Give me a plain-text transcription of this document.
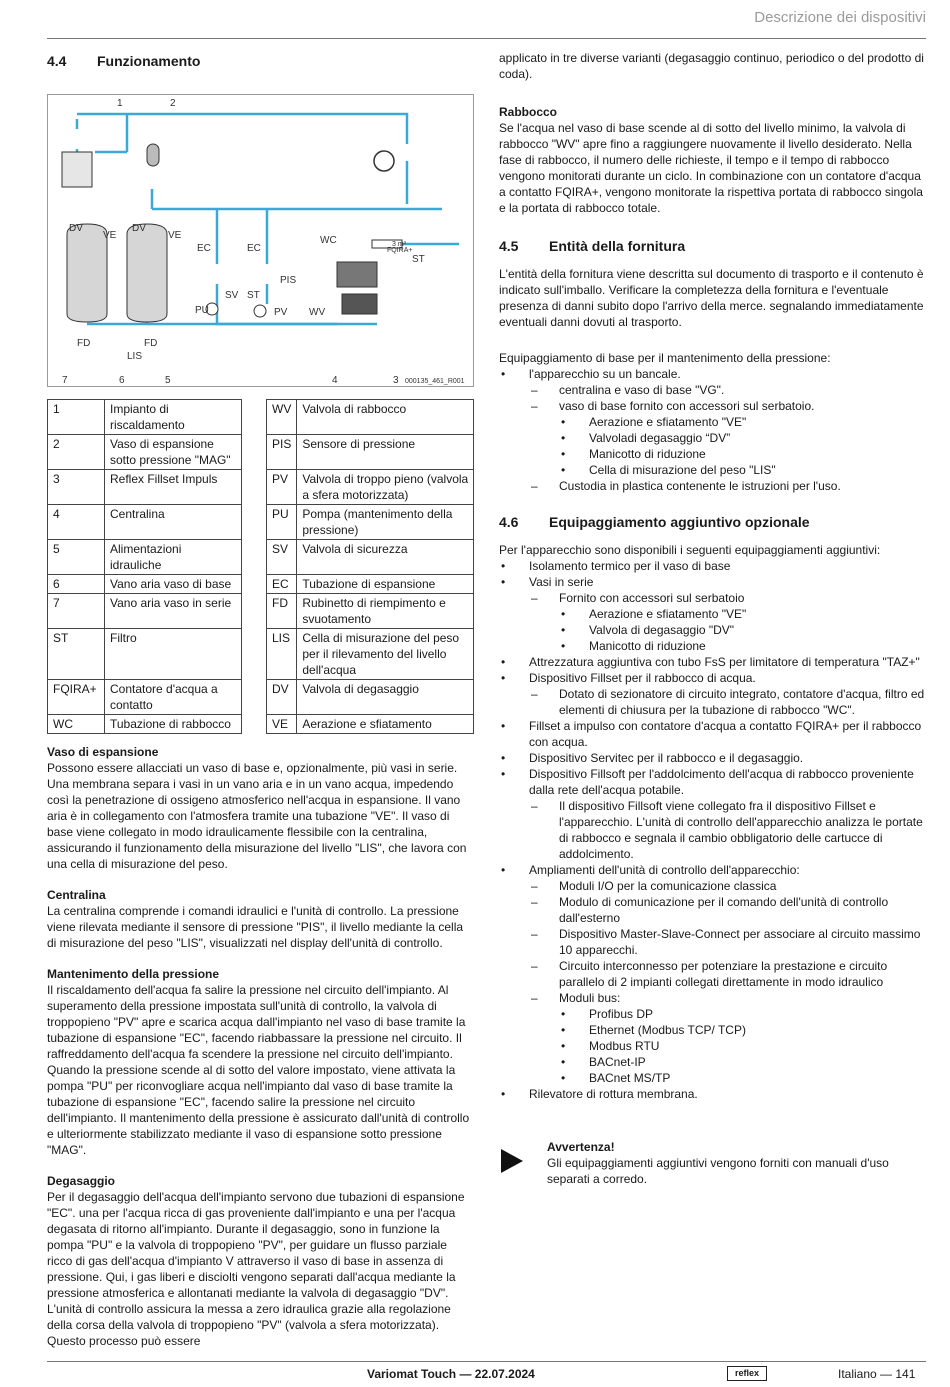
Descrizione dei dispositivi
4.4	Funzionamento
1	2
3
4
5
6
7
DV
VE
DV
VE
EC	EC
WC
PIS
PU
SV ST
PV WV
FD	FD
LIS
FQIRA+
ST
3 m³
000135_461_R001
1	Impianto di riscaldamento		WV	Valvola di rabbocco
2	Vaso di espansione sotto pressione "MAG"		PIS	Sensore di pressione
3	Reflex Fillset Impuls		PV	Valvola di troppo pieno (valvola a sfera motorizzata)
4	Centralina		PU	Pompa (mantenimento della pressione)
5	Alimentazioni idrauliche		SV	Valvola di sicurezza
6	Vano aria vaso di base		EC	Tubazione di espansione
7	Vano aria vaso in serie		FD	Rubinetto di riempimento e svuotamento
ST	Filtro		LIS	Cella di misurazione del peso per il rilevamento del livello dell'acqua
FQIRA+	Contatore d'acqua a contatto		DV	Valvola di degasaggio
WC	Tubazione di rabbocco		VE	Aerazione e sfiatamento

Vaso di espansione

Possono essere allacciati un vaso di base e, opzionalmente, più vasi in serie. Una membrana separa i vasi in un vano aria e in un vano acqua, impedendo così la penetrazione di ossigeno atmosferico nell'acqua in espansione. Il vano aria è in collegamento con l'atmosfera tramite una tubazione "VE". Il vaso di base viene collegato in modo idraulicamente flessibile con la centralina, assicurando il funzionamento della misurazione del livello "LIS", che lavora con una cella di misurazione del peso.

Centralina

La centralina comprende i comandi idraulici e l'unità di controllo. La pressione viene rilevata mediante il sensore di pressione "PIS", il livello mediante la cella di misurazione del peso "LIS", visualizzati nel display dell'unità di controllo.

Mantenimento della pressione

Il riscaldamento dell'acqua fa salire la pressione nel circuito dell'impianto. Al superamento della pressione impostata sull'unità di controllo, la valvola di troppopieno "PV" apre e scarica acqua dall'impianto nel vaso di base tramite la tubazione di espansione "EC", facendo riabbassare la pressione nel circuito. Il raffreddamento dell'acqua fa scendere la pressione nel circuito dell'impianto. Quando la pressione scende al di sotto del valore impostato, viene attivata la pompa "PU" per riconvogliare acqua nell'impianto dal vaso di base tramite la tubazione di espansione "EC", facendo salire la pressione nel circuito dell'impianto. Il mantenimento della pressione è assicurato dall'unità di controllo e ulteriormente stabilizzato mediante il vaso di espansione sotto pressione "MAG".

Degasaggio

Per il degasaggio dell'acqua dell'impianto servono due tubazioni di espansione "EC". una per l'acqua ricca di gas proveniente dall'impianto e una per l'acqua degasata di ritorno all'impianto. Durante il degasaggio, sono in funzione la pompa "PU" e la valvola di troppopieno "PV", per guidare un flusso parziale ricco di gas dell'acqua d'impianto V attraverso il vaso di base in assenza di pressione. Qui, i gas liberi e disciolti vengono separati dall'acqua mediante la pressione atmosferica e allontanati mediante la valvola di degasaggio "DV". L'unità di controllo assicura la messa a zero idraulica grazie alla regolazione della corsa della valvola di troppopieno "PV" (valvola a sfera motorizzata). Questo processo può essere

applicato in tre diverse varianti (degasaggio continuo, periodico o del prodotto di coda).

Rabbocco

Se l'acqua nel vaso di base scende al di sotto del livello minimo, la valvola di rabbocco "WV" apre fino a raggiungere nuovamente il livello desiderato. Nella fase di rabbocco, il numero delle richieste, il tempo e il tempo di rabbocco vengono monitorati durante un ciclo. In combinazione con un contatore d'acqua a contatto FQIRA+, vengono monitorate la rispettiva portata di rabbocco singola e la portata di rabbocco totale.

4.5	Entità della fornitura

L'entità della fornitura viene descritta sul documento di trasporto e il contenuto è indicato sull'imballo. Verificare la completezza della fornitura e l'eventuale presenza di danni subito dopo l'arrivo della merce. segnalando immediatamente eventuali danni dovuti al trasporto.

Equipaggiamento di base per il mantenimento della pressione:

• l'apparecchio su un bancale.
– centralina e vaso di base "VG".
– vaso di base fornito con accessori sul serbatoio.
• Aerazione e sfiatamento "VE"
• Valvoladi degasaggio “DV”
• Manicotto di riduzione
• Cella di misurazione del peso "LIS"
– Custodia in plastica contenente le istruzioni per l'uso.
4.6	Equipaggiamento aggiuntivo opzionale

Per l'apparecchio sono disponibili i seguenti equipaggiamenti aggiuntivi:

• Isolamento termico per il vaso di base
• Vasi in serie
– Fornito con accessori sul serbatoio
• Aerazione e sfiatamento "VE"
• Valvola di degasaggio "DV"
• Manicotto di riduzione
• Attrezzatura aggiuntiva con tubo FsS per limitatore di temperatura "TAZ+"
• Dispositivo Fillset per il rabbocco di acqua.
– Dotato di sezionatore di circuito integrato, contatore d'acqua, filtro ed elementi di chiusura per la tubazione di rabbocco "WC".
• Fillset a impulso con contatore d'acqua a contatto FQIRA+ per il rabbocco con acqua.
• Dispositivo Servitec per il rabbocco e il degasaggio.
• Dispositivo Fillsoft per l'addolcimento dell'acqua di rabbocco proveniente dalla rete dell'acqua potabile.
– Il dispositivo Fillsoft viene collegato fra il dispositivo Fillset e l'apparecchio. L'unità di controllo dell'apparecchio analizza le portate di rabbocco e segnala il cambio obbligatorio delle cartucce di addolcimento.
• Ampliamenti dell'unità di controllo dell'apparecchio:
– Moduli I/O per la comunicazione classica
– Modulo di comunicazione per il comando dell'unità di controllo dall'esterno
– Dispositivo Master-Slave-Connect per associare al circuito massimo 10 apparecchi.
– Circuito interconnesso per potenziare la prestazione e circuito parallelo di 2 impianti collegati direttamente in modo idraulico
– Moduli bus:
• Profibus DP
• Ethernet (Modbus TCP/ TCP)
• Modbus RTU
• BACnet-IP
• BACnet MS/TP
• Rilevatore di rottura membrana.

Avvertenza!

Gli equipaggiamenti aggiuntivi vengono forniti con manuali d'uso separati a corredo.

Variomat Touch — 22.07.2024	reflex	Italiano — 141
